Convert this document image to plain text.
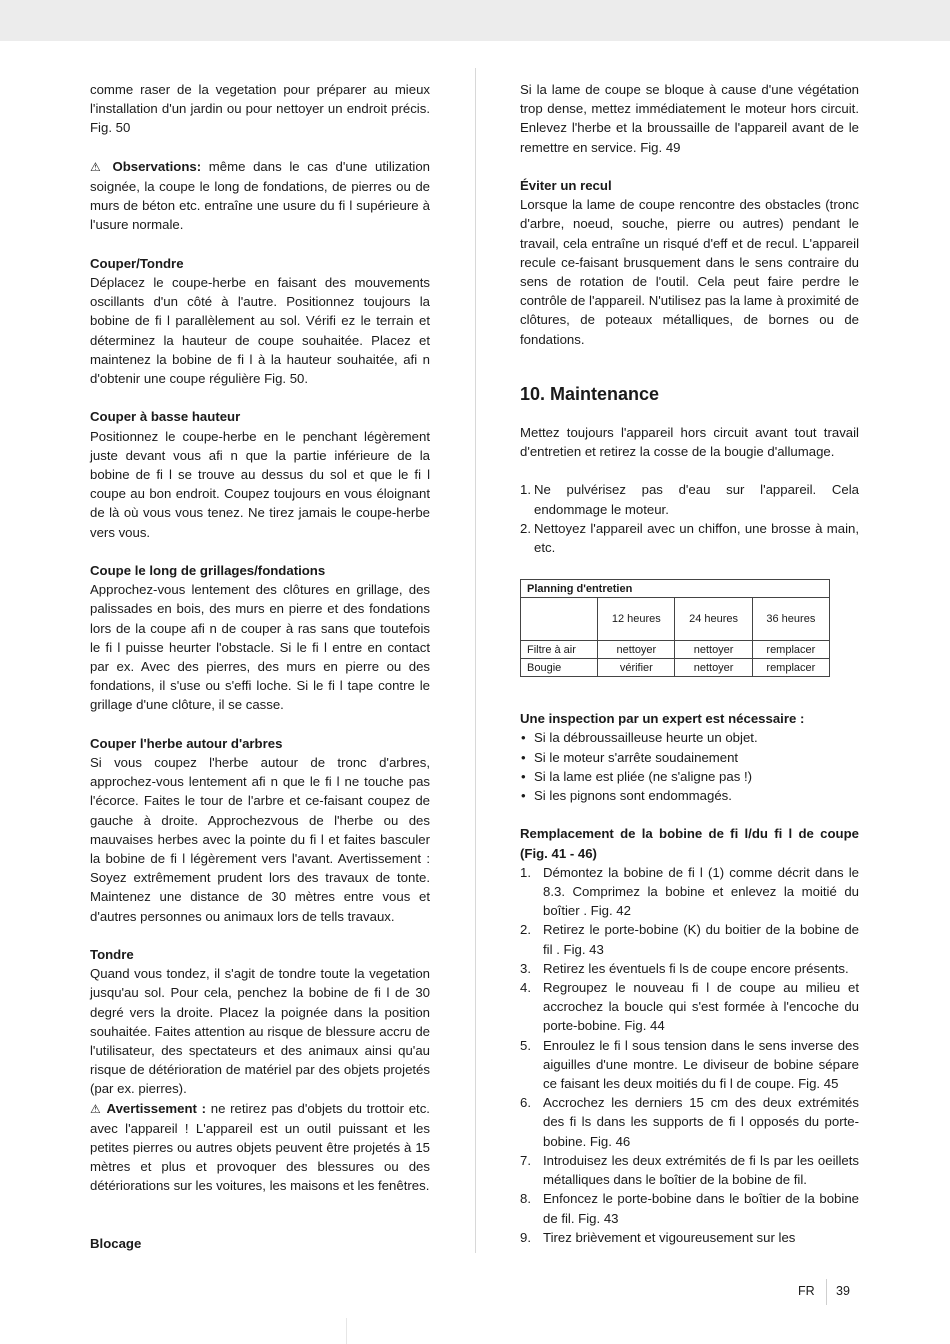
comme raser de la vegetation pour préparer au mieux l'installation d'un jardin ou pour nettoyer un endroit précis. Fig. 50

⚠ Observations: même dans le cas d'une utilization soignée, la coupe le long de fondations, de pierres ou de murs de béton etc. entraîne une usure du fi l supérieure à l'usure normale.

Couper/Tondre

Déplacez le coupe-herbe en faisant des mouvements oscillants d'un côté à l'autre. Positionnez toujours la bobine de fi l parallèlement au sol. Vérifi ez le terrain et déterminez la hauteur de coupe souhaitée. Placez et maintenez la bobine de fi l à la hauteur souhaitée, afi n d'obtenir une coupe régulière Fig. 50.

Couper à basse hauteur

Positionnez le coupe-herbe en le penchant légèrement juste devant vous afi n que la partie inférieure de la bobine de fi l se trouve au dessus du sol et que le fi l coupe au bon endroit. Coupez toujours en vous éloignant de là où vous vous tenez. Ne tirez jamais le coupe-herbe vers vous.

Coupe le long de grillages/fondations

Approchez-vous lentement des clôtures en grillage, des palissades en bois, des murs en pierre et des fondations lors de la coupe afi n de couper à ras sans que toutefois le fi l puisse heurter l'obstacle. Si le fi l entre en contact par ex. Avec des pierres, des murs en pierre ou des fondations, il s'use ou s'effi loche. Si le fi l tape contre le grillage d'une clôture, il se casse.

Couper l'herbe autour d'arbres

Si vous coupez l'herbe autour de tronc d'arbres, approchez-vous lentement afi n que le fi l ne touche pas l'écorce. Faites le tour de l'arbre et ce-faisant coupez de gauche à droite. Approchezvous de l'herbe ou des mauvaises herbes avec la pointe du fi l et faites basculer la bobine de fi l légèrement vers l'avant. Avertissement : Soyez extrêmement prudent lors des travaux de tonte. Maintenez une distance de 30 mètres entre vous et d'autres personnes ou animaux lors de tells travaux.

Tondre

Quand vous tondez, il s'agit de tondre toute la vegetation jusqu'au sol. Pour cela, penchez la bobine de fi l de 30 degré vers la droite. Placez la poignée dans la position souhaitée. Faites attention au risque de blessure accru de l'utilisateur, des spectateurs et des animaux ainsi qu'au risque de détérioration de matériel par des objets projetés (par ex. pierres).

⚠ Avertissement : ne retirez pas d'objets du trottoir etc. avec l'appareil ! L'appareil est un outil puissant et les petites pierres ou autres objets peuvent être projetés à 15 mètres et plus et provoquer des blessures ou des détériorations sur les voitures, les maisons et les fenêtres.

Blocage

Si la lame de coupe se bloque à cause d'une végétation trop dense, mettez immédiatement le moteur hors circuit. Enlevez l'herbe et la broussaille de l'appareil avant de le remettre en service. Fig. 49

Éviter un recul

Lorsque la lame de coupe rencontre des obstacles (tronc d'arbre, noeud, souche, pierre ou autres) pendant le travail, cela entraîne un risqué d'eff et de recul. L'appareil recule ce-faisant brusquement dans le sens contraire du sens de rotation de l'outil. Cela peut faire perdre le contrôle de l'appareil. N'utilisez pas la lame à proximité de clôtures, de poteaux métalliques, de bornes ou de fondations.

10. Maintenance

Mettez toujours l'appareil hors circuit avant tout travail d'entretien et retirez la cosse de la bougie d'allumage.

1. Ne pulvérisez pas d'eau sur l'appareil. Cela endommage le moteur.
2. Nettoyez l'appareil avec un chiffon, une brosse à main, etc.
Planning d'entretien			
	12 heures	24 heures	36 heures
Filtre à air	nettoyer	nettoyer	remplacer
Bougie	vérifier	nettoyer	remplacer

Une inspection par un expert est nécessaire :

• Si la débroussailleuse heurte un objet.
• Si le moteur s'arrête soudainement
• Si la lame est pliée (ne s'aligne pas !)
• Si les pignons sont endommagés.

Remplacement de la bobine de fi l/du fi l de coupe (Fig. 41 - 46)

1. Démontez la bobine de fi l (1) comme décrit dans le 8.3. Comprimez la bobine et enlevez la moitié du boîtier . Fig. 42
2. Retirez le porte-bobine (K) du boitier de la bobine de fil . Fig. 43
3. Retirez les éventuels fi ls de coupe encore présents.
4. Regroupez le nouveau fi l de coupe au milieu et accrochez la boucle qui s'est formée à l'encoche du porte-bobine. Fig. 44
5. Enroulez le fi l sous tension dans le sens inverse des aiguilles d'une montre. Le diviseur de bobine sépare ce faisant les deux moitiés du fi l de coupe. Fig. 45
6. Accrochez les derniers 15 cm des deux extrémités des fi ls dans les supports de fi l opposés du porte-bobine. Fig. 46
7. Introduisez les deux extrémités de fi ls par les oeillets métalliques dans le boîtier de la bobine de fil.
8. Enfoncez le porte-bobine dans le boîtier de la bobine de fil. Fig. 43
9. Tirez brièvement et vigoureusement sur les
FR 39
